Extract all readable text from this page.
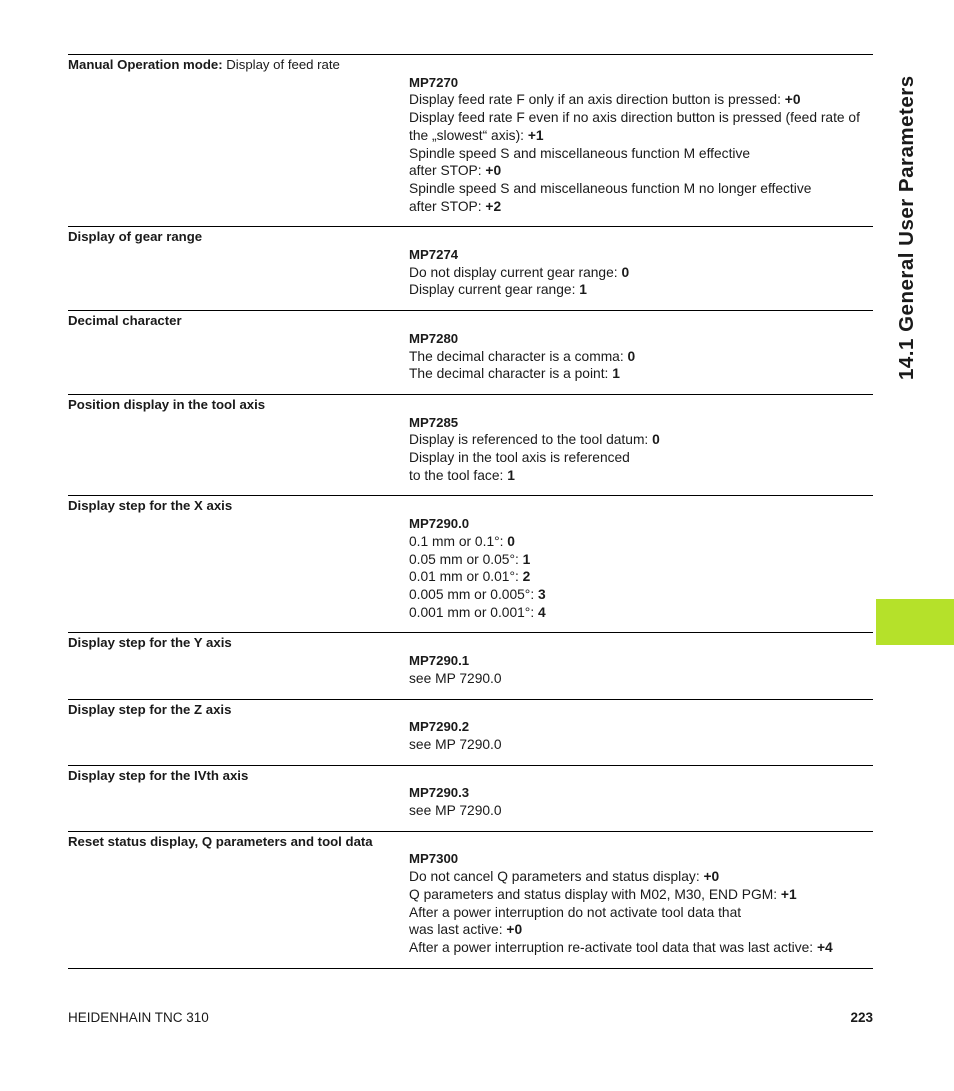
Manual Operation mode: Display of feed rate
MP7270
Display feed rate F only if an axis direction button is pressed: +0
Display feed rate F even if no axis direction button is pressed (feed rate of the „slowest“ axis): +1
Spindle speed S and miscellaneous function M effective
after STOP: +0
Spindle speed S and miscellaneous function M no longer effective
after STOP: +2
Display of gear range
MP7274
Do not display current gear range: 0
Display current gear range: 1
Decimal character
MP7280
The decimal character is a comma: 0
The decimal character is a point: 1
Position display in the tool axis
MP7285
Display is referenced to the tool datum: 0
Display in the tool axis is referenced
to the tool face: 1
Display step for the X axis
MP7290.0
0.1 mm or 0.1°: 0
0.05 mm or 0.05°: 1
0.01 mm or 0.01°: 2
0.005 mm or 0.005°: 3
0.001 mm or 0.001°: 4
Display step for the Y axis
MP7290.1
see MP 7290.0
Display step for the Z axis
MP7290.2
see MP 7290.0
Display step for the IVth axis
MP7290.3
see MP 7290.0
Reset status display, Q parameters and tool data
MP7300
Do not cancel Q parameters and status display: +0
Q parameters and status display with M02, M30, END PGM: +1
After a power interruption do not activate tool data that
was last active: +0
After a power interruption re-activate tool data that was last active: +4
14.1 General User Parameters
HEIDENHAIN TNC 310	223
